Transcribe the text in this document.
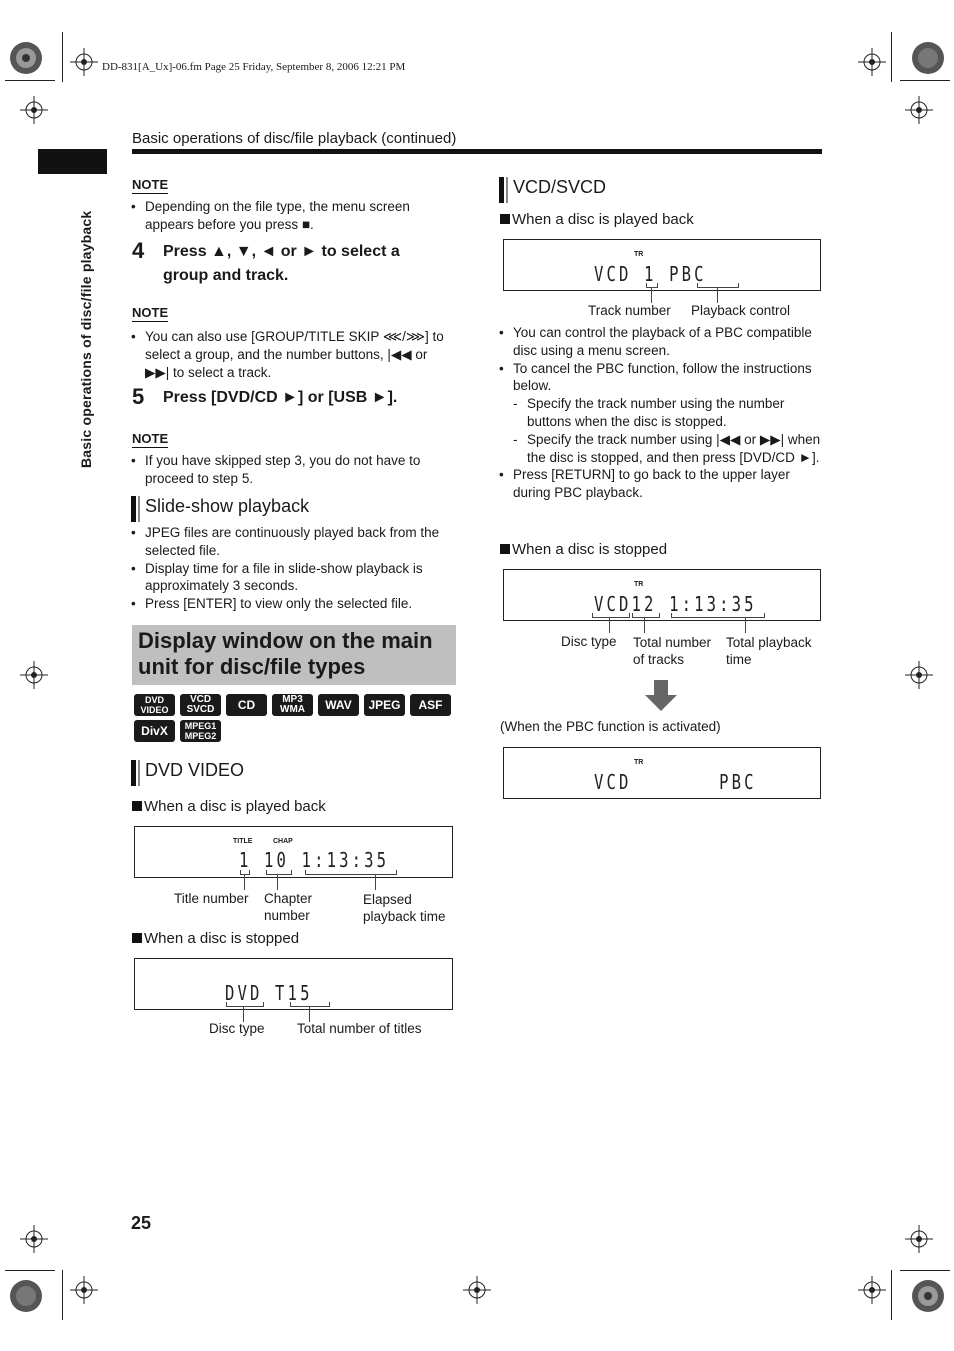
DD-831[A_Ux]-06.fm Page 25 Friday, September 8, 2006 12:21 PM
Basic operations of disc/file playback (continued)
Basic operations of disc/file playback
NOTE
• Depending on the file type, the menu screen appears before you press ■.
4 Press ▲, ▼, ◄ or ► to select a
group and track.
NOTE
• You can also use [GROUP/TITLE SKIP ⋘/⋙] to select a group, and the number buttons, |◀◀ or ▶▶| to select a track.
5 Press [DVD/CD ►] or [USB ►].
NOTE
• If you have skipped step 3, you do not have to proceed to step 5.
Slide-show playback
• JPEG files are continuously played back from the selected file.
• Display time for a file in slide-show playback is approximately 3 seconds.
• Press [ENTER] to view only the selected file.
Display window on the main
unit for disc/file types
DVD VIDEO
VCD SVCD	CD	MP3 WMA	WAV	JPEG	ASF
DivX	MPEG1 MPEG2
DVD VIDEO
When a disc is played back
TITLE	CHAP
1 10 1:13:35
Title number Chapter number
Elapsed playback time
When a disc is stopped
DVD T15
Disc type Total number of titles
VCD/SVCD
When a disc is played back
TR
VCD 1 PBC
Track number Playback control
• You can control the playback of a PBC compatible disc using a menu screen.
• To cancel the PBC function, follow the instructions below.
- Specify the track number using the number buttons when the disc is stopped.
- Specify the track number using |◀◀ or ▶▶| when the disc is stopped, and then press [DVD/CD ►].
• Press [RETURN] to go back to the upper layer during PBC playback.
When a disc is stopped
TR
VCD12 1:13:35
Disc type Total number of tracks
Total playback time
(When the PBC function is activated)
TR
VCD       PBC
25
